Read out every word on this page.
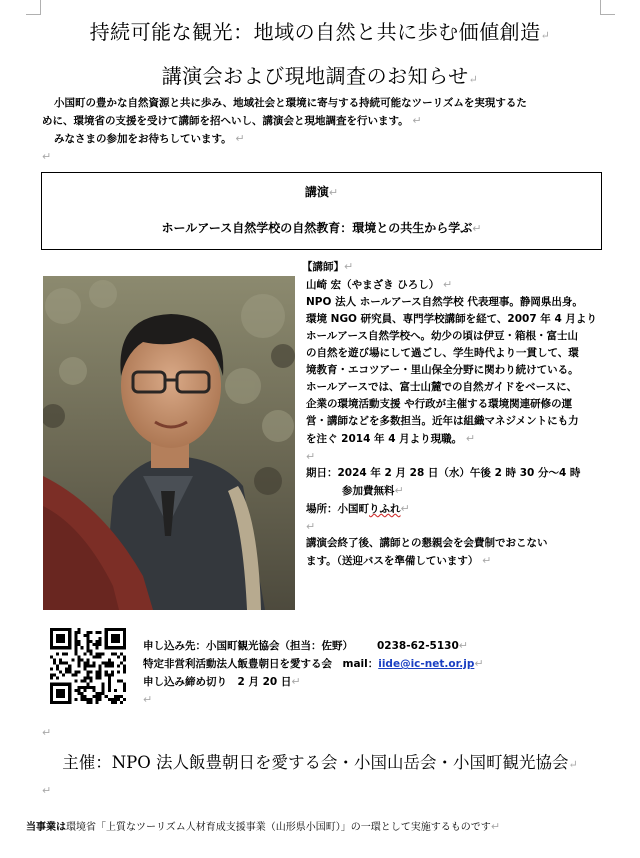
持続可能な観光：地域の自然と共に歩む価値創造↵
講演会および現地調査のお知らせ↵

小国町の豊かな自然資源と共に歩み、地域社会と環境に寄与する持続可能なツーリズムを実現するた

めに、環境省の支援を受けて講師を招へいし、講演会と現地調査を行います。 ↵

みなさまの参加をお待ちしています。 ↵

↵
講演↵
ホールアース自然学校の自然教育：環境との共生から学ぶ↵

【講師】↵

山崎 宏（やまざき ひろし） ↵

NPO 法人 ホールアース自然学校 代表理事。静岡県出身。

環境 NGO 研究員、専門学校講師を経て、2007 年 4 月より

ホールアース自然学校へ。幼少の頃は伊豆・箱根・富士山

の自然を遊び場にして過ごし、学生時代より一貫して、環

境教育・エコツアー・里山保全分野に関わり続けている。

ホールアースでは、富士山麓での自然ガイドをベースに、

企業の環境活動支援 や行政が主催する環境関連研修の運

営・講師などを多数担当。近年は組織マネジメントにも力

を注ぐ 2014 年 4 月より現職。 ↵

↵

期日：2024 年 2 月 28 日（水）午後 2 時 30 分～4 時

参加費無料↵

場所：小国町りふれ↵

↵

講演会終了後、講師との懇親会を会費制でおこない

ます。（送迎バスを準備しています） ↵

申し込み先：小国町観光協会（担当：佐野） 0238-62-5130↵

特定非営利活動法人飯豊朝日を愛する会　 mail：iide@ic-net.or.jp↵

申し込み締め切り　2 月 20 日↵

↵

↵
主催：NPO 法人飯豊朝日を愛する会・小国山岳会・小国町観光協会↵
↵
当事業は環境省「上質なツーリズム人材育成支援事業（山形県小国町）」の一環として実施するものです↵
